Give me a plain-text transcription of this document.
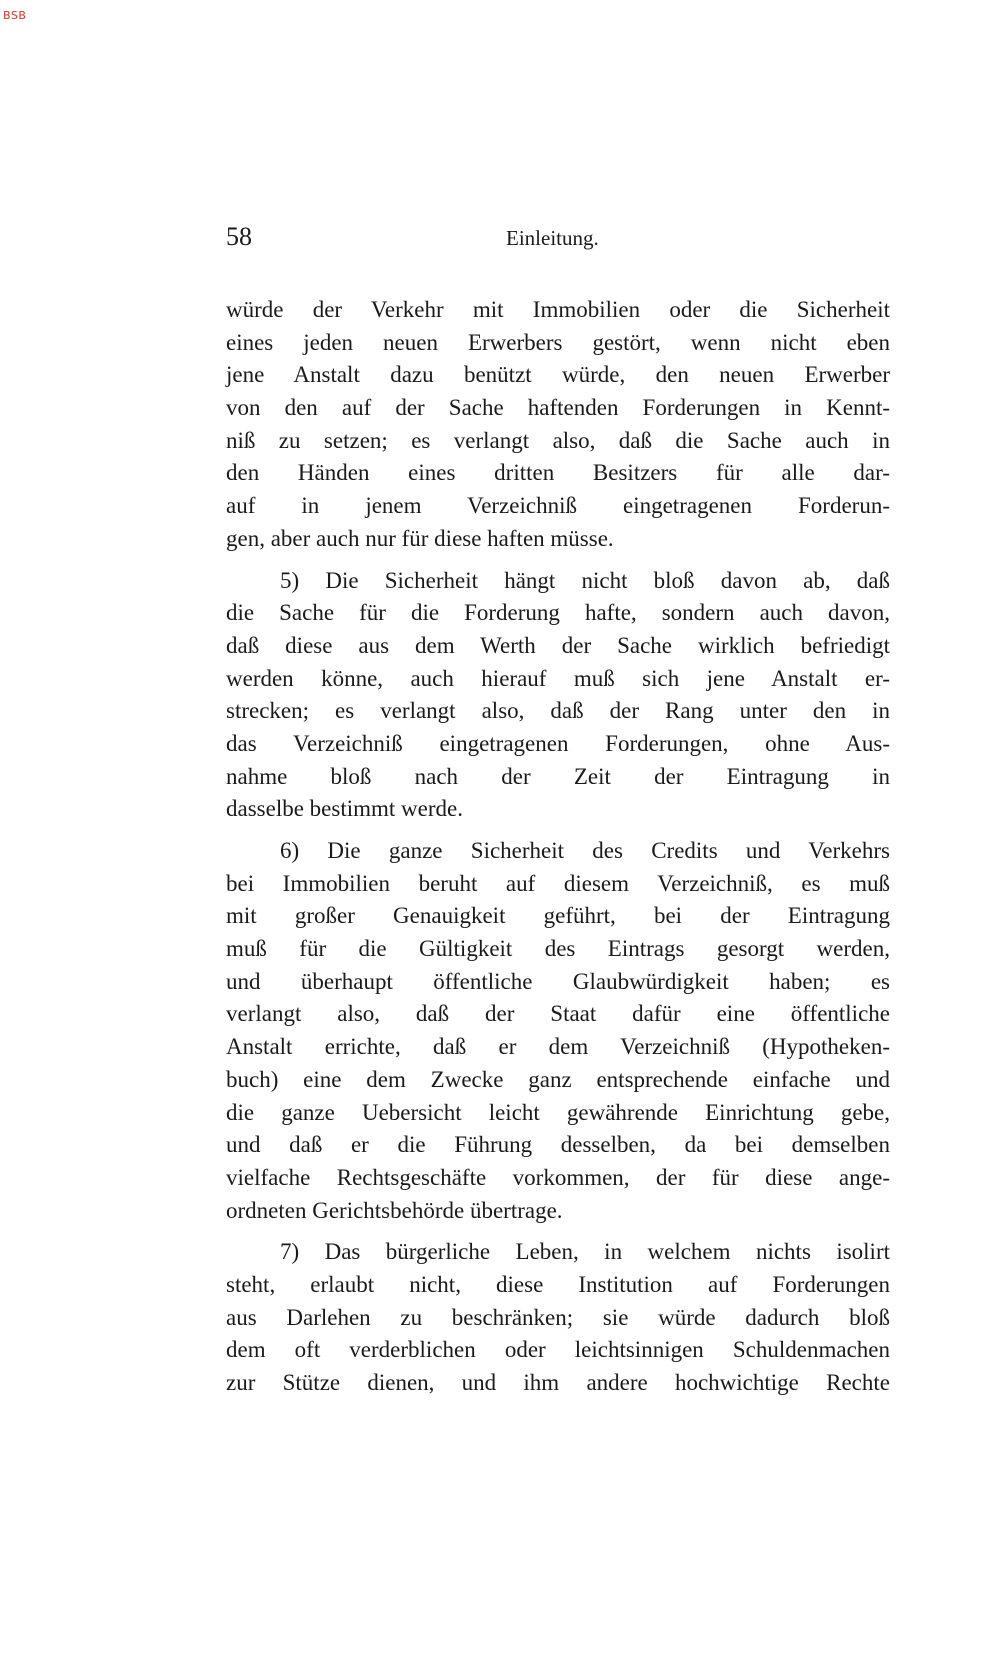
BSB
58	Einleitung.
würde der Verkehr mit Immobilien oder die Sicherheit
eines jeden neuen Erwerbers gestört, wenn nicht eben
jene Anstalt dazu benützt würde, den neuen Erwerber
von den auf der Sache haftenden Forderungen in Kennt-
niß zu setzen; es verlangt also, daß die Sache auch in
den Händen eines dritten Besitzers für alle dar-
auf in jenem Verzeichniß eingetragenen Forderun-
gen, aber auch nur für diese haften müsse.
5) Die Sicherheit hängt nicht bloß davon ab, daß
die Sache für die Forderung hafte, sondern auch davon,
daß diese aus dem Werth der Sache wirklich befriedigt
werden könne, auch hierauf muß sich jene Anstalt er-
strecken; es verlangt also, daß der Rang unter den in
das Verzeichniß eingetragenen Forderungen, ohne Aus-
nahme bloß nach der Zeit der Eintragung in
dasselbe bestimmt werde.
6) Die ganze Sicherheit des Credits und Verkehrs
bei Immobilien beruht auf diesem Verzeichniß, es muß
mit großer Genauigkeit geführt, bei der Eintragung
muß für die Gültigkeit des Eintrags gesorgt werden,
und überhaupt öffentliche Glaubwürdigkeit haben; es
verlangt also, daß der Staat dafür eine öffentliche
Anstalt errichte, daß er dem Verzeichniß (Hypotheken-
buch) eine dem Zwecke ganz entsprechende einfache und
die ganze Uebersicht leicht gewährende Einrichtung gebe,
und daß er die Führung desselben, da bei demselben
vielfache Rechtsgeschäfte vorkommen, der für diese ange-
ordneten Gerichtsbehörde übertrage.
7) Das bürgerliche Leben, in welchem nichts isolirt
steht, erlaubt nicht, diese Institution auf Forderungen
aus Darlehen zu beschränken; sie würde dadurch bloß
dem oft verderblichen oder leichtsinnigen Schuldenmachen
zur Stütze dienen, und ihm andere hochwichtige Rechte
